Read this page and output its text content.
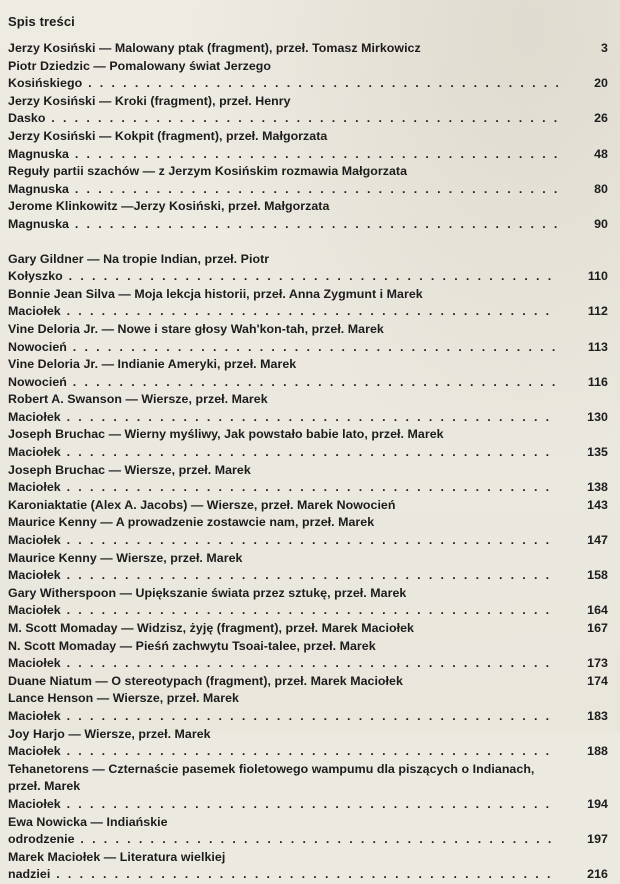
Spis treści
Jerzy Kosiński — Malowany ptak (fragment), przeł. Tomasz Mirkowicz	3
Piotr Dziedzic — Pomalowany świat Jerzego Kosińskiego . . .	20
Jerzy Kosiński — Kroki (fragment), przeł. Henry Dasko . . .	26
Jerzy Kosiński — Kokpit (fragment), przeł. Małgorzata Magnuska . . .	48
Reguły partii szachów — z Jerzym Kosińskim rozmawia Małgorzata Magnuska . . .	80
Jerome Klinkowitz —Jerzy Kosiński, przeł. Małgorzata Magnuska . . .	90
Gary Gildner — Na tropie Indian, przeł. Piotr Kołyszko . . .	110
Bonnie Jean Silva — Moja lekcja historii, przeł. Anna Zygmunt i Marek Maciołek . . .	112
Vine Deloria Jr. — Nowe i stare głosy Wah'kon-tah, przeł. Marek Nowocień . . .	113
Vine Deloria Jr. — Indianie Ameryki, przeł. Marek Nowocień . . .	116
Robert A. Swanson — Wiersze, przeł. Marek Maciołek . . .	130
Joseph Bruchac — Wierny myśliwy, Jak powstało babie lato, przeł. Marek Maciołek . . .	135
Joseph Bruchac — Wiersze, przeł. Marek Maciołek . . .	138
Karoniaktatie (Alex A. Jacobs) — Wiersze, przeł. Marek Nowocień	143
Maurice Kenny — A prowadzenie zostawcie nam, przeł. Marek Maciołek . . .	147
Maurice Kenny — Wiersze, przeł. Marek Maciołek . . .	158
Gary Witherspoon — Upiększanie świata przez sztukę, przeł. Marek Maciołek . . .	164
M. Scott Momaday — Widzisz, żyję (fragment), przeł. Marek Maciołek	167
N. Scott Momaday — Pieśń zachwytu Tsoai-talee, przeł. Marek Maciołek . . .	173
Duane Niatum — O stereotypach (fragment), przeł. Marek Maciołek	174
Lance Henson — Wiersze, przeł. Marek Maciołek . . .	183
Joy Harjo — Wiersze, przeł. Marek Maciołek . . .	188
Tehanetorens — Czternaście pasemek fioletowego wampumu dla piszących o Indianach, przeł. Marek Maciołek . . .	194
Ewa Nowicka — Indiańskie odrodzenie . . .	197
Marek Maciołek — Literatura wielkiej nadziei . . .	216
